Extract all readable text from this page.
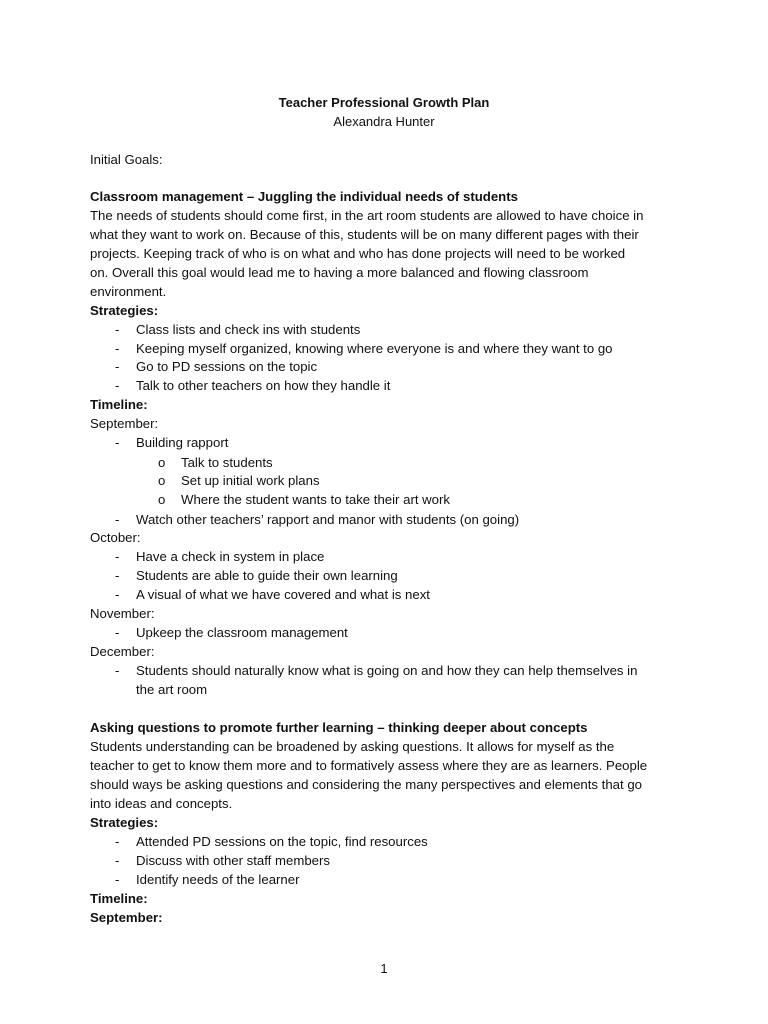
Teacher Professional Growth Plan
Alexandra Hunter
Initial Goals:
Classroom management – Juggling the individual needs of students
The needs of students should come first, in the art room students are allowed to have choice in
what they want to work on. Because of this, students will be on many different pages with their
projects. Keeping track of who is on what and who has done projects will need to be worked
on. Overall this goal would lead me to having a more balanced and flowing classroom
environment.
Strategies:
- Class lists and check ins with students
- Keeping myself organized, knowing where everyone is and where they want to go
- Go to PD sessions on the topic
- Talk to other teachers on how they handle it
Timeline:
September:
- Building rapport
o Talk to students
o Set up initial work plans
o Where the student wants to take their art work
- Watch other teachers’ rapport and manor with students (on going)
October:
- Have a check in system in place
- Students are able to guide their own learning
- A visual of what we have covered and what is next
November:
- Upkeep the classroom management
December:
- Students should naturally know what is going on and how they can help themselves in
the art room
Asking questions to promote further learning – thinking deeper about concepts
Students understanding can be broadened by asking questions. It allows for myself as the
teacher to get to know them more and to formatively assess where they are as learners. People
should ways be asking questions and considering the many perspectives and elements that go
into ideas and concepts.
Strategies:
- Attended PD sessions on the topic, find resources
- Discuss with other staff members
- Identify needs of the learner
Timeline:
September:
1
